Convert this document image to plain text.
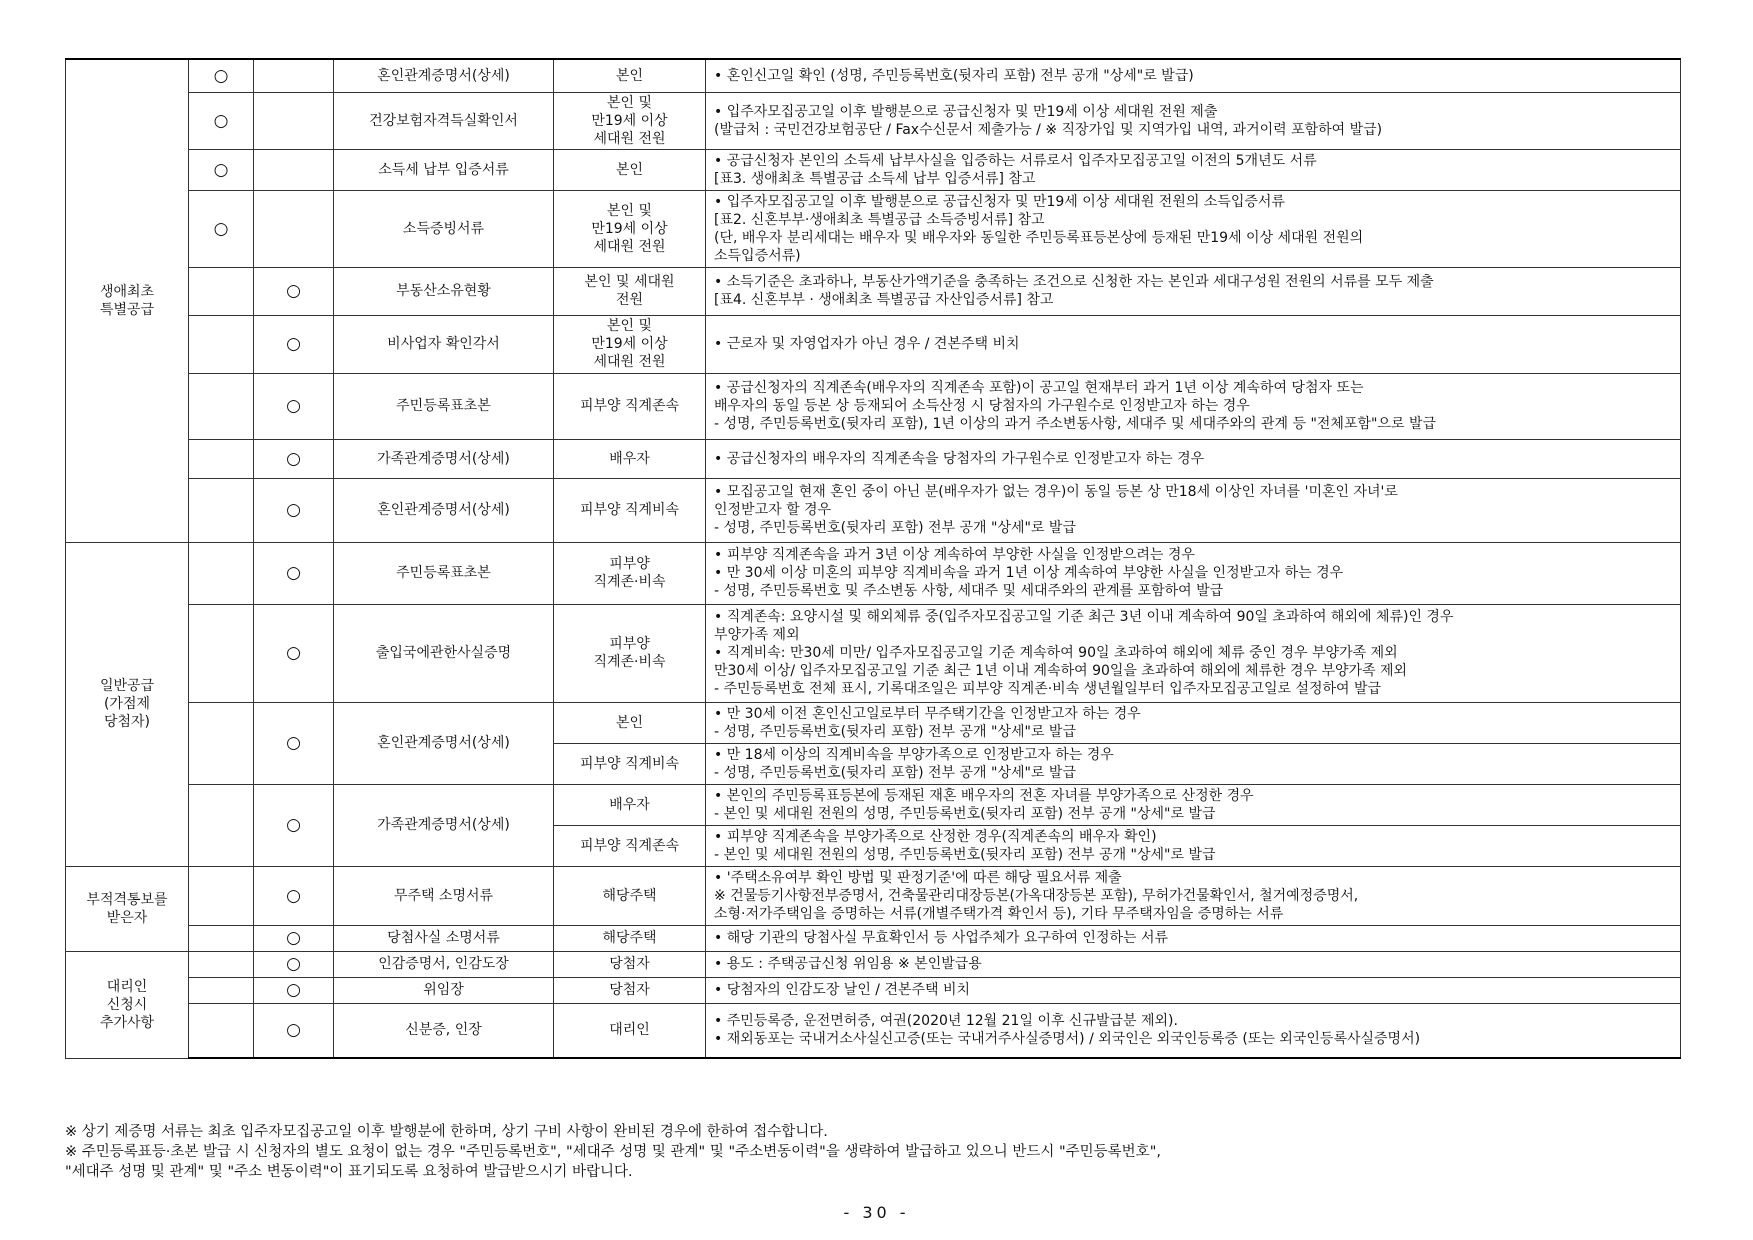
생애최초
특별공급	○		혼인관계증명서(상세)	본인	• 혼인신고일 확인 (성명, 주민등록번호(뒷자리 포함) 전부 공개 "상세"로 발급)

	○		건강보험자격득실확인서	본인 및
만19세 이상
세대원 전원	• 입주자모집공고일 이후 발행분으로 공급신청자 및 만19세 이상 세대원 전원 제출
(발급처 : 국민건강보험공단 / Fax수신문서 제출가능 / ※ 직장가입 및 지역가입 내역, 과거이력 포함하여 발급)

	○		소득세 납부 입증서류	본인	• 공급신청자 본인의 소득세 납부사실을 입증하는 서류로서 입주자모집공고일 이전의 5개년도 서류
[표3. 생애최초 특별공급 소득세 납부 입증서류] 참고

	○		소득증빙서류	본인 및
만19세 이상
세대원 전원	• 입주자모집공고일 이후 발행분으로 공급신청자 및 만19세 이상 세대원 전원의 소득입증서류
[표2. 신혼부부·생애최초 특별공급 소득증빙서류] 참고
(단, 배우자 분리세대는 배우자 및 배우자와 동일한 주민등록표등본상에 등재된 만19세 이상 세대원 전원의
소득입증서류)

		○	부동산소유현황	본인 및 세대원
전원	• 소득기준은 초과하나, 부동산가액기준을 충족하는 조건으로 신청한 자는 본인과 세대구성원 전원의 서류를 모두 제출
[표4. 신혼부부 · 생애최초 특별공급 자산입증서류] 참고

		○	비사업자 확인각서	본인 및
만19세 이상
세대원 전원	• 근로자 및 자영업자가 아닌 경우 / 견본주택 비치

		○	주민등록표초본	피부양 직계존속	• 공급신청자의 직계존속(배우자의 직계존속 포함)이 공고일 현재부터 과거 1년 이상 계속하여 당첨자 또는
배우자의 동일 등본 상 등재되어 소득산정 시 당첨자의 가구원수로 인정받고자 하는 경우
- 성명, 주민등록번호(뒷자리 포함), 1년 이상의 과거 주소변동사항, 세대주 및 세대주와의 관계 등 "전체포함"으로 발급

		○	가족관계증명서(상세)	배우자	• 공급신청자의 배우자의 직계존속을 당첨자의 가구원수로 인정받고자 하는 경우

		○	혼인관계증명서(상세)	피부양 직계비속	• 모집공고일 현재 혼인 중이 아닌 분(배우자가 없는 경우)이 동일 등본 상 만18세 이상인 자녀를 '미혼인 자녀'로
인정받고자 할 경우
- 성명, 주민등록번호(뒷자리 포함) 전부 공개 "상세"로 발급

일반공급
(가점제
당첨자)		○	주민등록표초본	피부양
직계존·비속	• 피부양 직계존속을 과거 3년 이상 계속하여 부양한 사실을 인정받으려는 경우
• 만 30세 이상 미혼의 피부양 직계비속을 과거 1년 이상 계속하여 부양한 사실을 인정받고자 하는 경우
- 성명, 주민등록번호 및 주소변동 사항, 세대주 및 세대주와의 관계를 포함하여 발급

		○	출입국에관한사실증명	피부양
직계존·비속	• 직계존속: 요양시설 및 해외체류 중(입주자모집공고일 기준 최근 3년 이내 계속하여 90일 초과하여 해외에 체류)인 경우
부양가족 제외
• 직계비속: 만30세 미만/ 입주자모집공고일 기준 계속하여 90일 초과하여 해외에 체류 중인 경우 부양가족 제외
만30세 이상/ 입주자모집공고일 기준 최근 1년 이내 계속하여 90일을 초과하여 해외에 체류한 경우 부양가족 제외
- 주민등록번호 전체 표시, 기록대조일은 피부양 직계존·비속 생년월일부터 입주자모집공고일로 설정하여 발급

		○	혼인관계증명서(상세)	본인	• 만 30세 이전 혼인신고일로부터 무주택기간을 인정받고자 하는 경우
- 성명, 주민등록번호(뒷자리 포함) 전부 공개 "상세"로 발급

				피부양 직계비속	• 만 18세 이상의 직계비속을 부양가족으로 인정받고자 하는 경우
- 성명, 주민등록번호(뒷자리 포함) 전부 공개 "상세"로 발급

		○	가족관계증명서(상세)	배우자	• 본인의 주민등록표등본에 등재된 재혼 배우자의 전혼 자녀를 부양가족으로 산정한 경우
- 본인 및 세대원 전원의 성명, 주민등록번호(뒷자리 포함) 전부 공개 "상세"로 발급

				피부양 직계존속	• 피부양 직계존속을 부양가족으로 산정한 경우(직계존속의 배우자 확인)
- 본인 및 세대원 전원의 성명, 주민등록번호(뒷자리 포함) 전부 공개 "상세"로 발급

부적격통보를
받은자		○	무주택 소명서류	해당주택	• '주택소유여부 확인 방법 및 판정기준'에 따른 해당 필요서류 제출
※ 건물등기사항전부증명서, 건축물관리대장등본(가옥대장등본 포함), 무허가건물확인서, 철거예정증명서,
소형·저가주택임을 증명하는 서류(개별주택가격 확인서 등), 기타 무주택자임을 증명하는 서류

		○	당첨사실 소명서류	해당주택	• 해당 기관의 당첨사실 무효확인서 등 사업주체가 요구하여 인정하는 서류

대리인
신청시
추가사항		○	인감증명서, 인감도장	당첨자	• 용도 : 주택공급신청 위임용 ※ 본인발급용

		○	위임장	당첨자	• 당첨자의 인감도장 날인 / 견본주택 비치

		○	신분증, 인장	대리인	• 주민등록증, 운전면허증, 여권(2020년 12월 21일 이후 신규발급분 제외).
• 재외동포는 국내거소사실신고증(또는 국내거주사실증명서) / 외국인은 외국인등록증 (또는 외국인등록사실증명서)
※ 상기 제증명 서류는 최초 입주자모집공고일 이후 발행분에 한하며, 상기 구비 사항이 완비된 경우에 한하여 접수합니다.
※ 주민등록표등·초본 발급 시 신청자의 별도 요청이 없는 경우 "주민등록번호", "세대주 성명 및 관계" 및 "주소변동이력"을 생략하여 발급하고 있으니 반드시 "주민등록번호",
"세대주 성명 및 관계" 및 "주소 변동이력"이 표기되도록 요청하여 발급받으시기 바랍니다.
- 30 -
